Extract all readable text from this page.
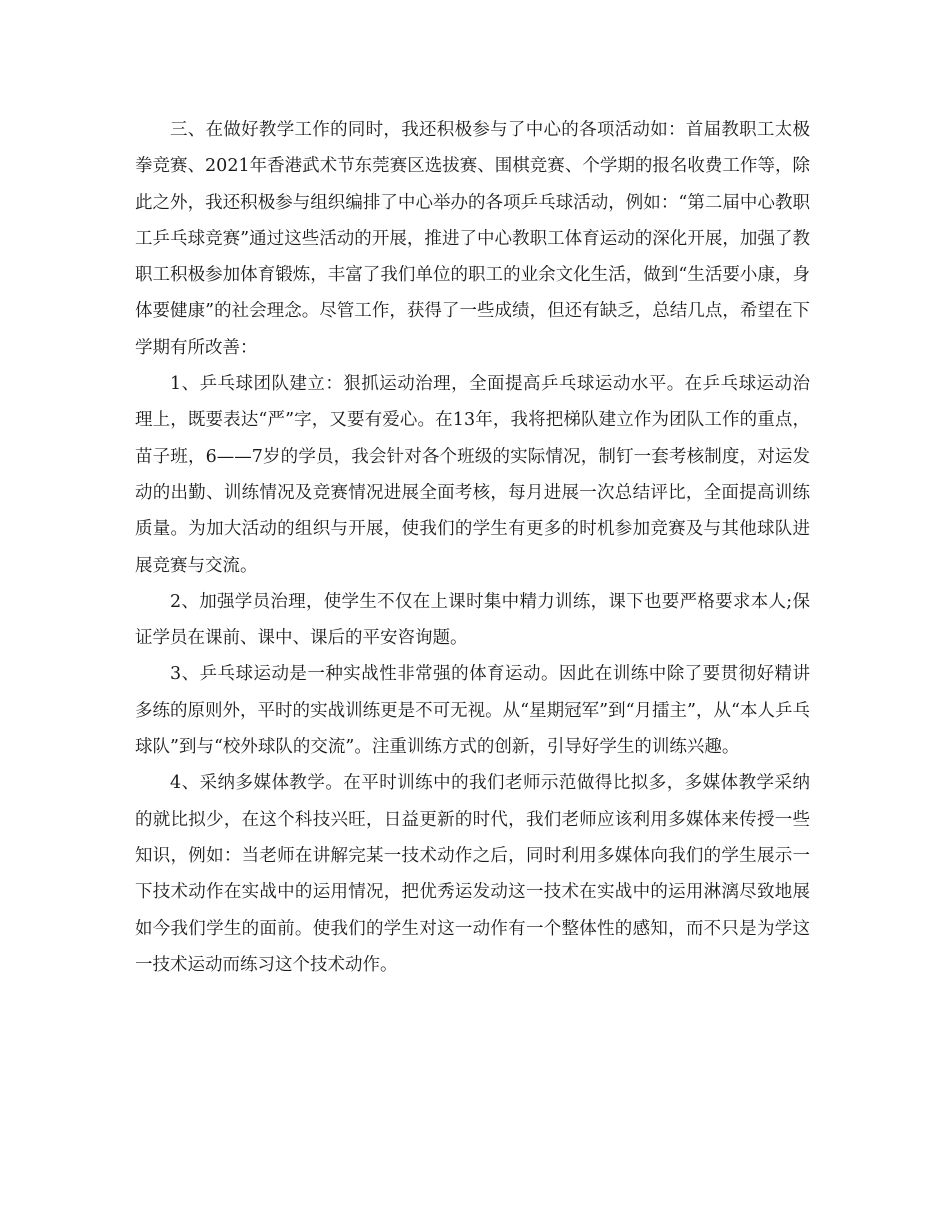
三、在做好教学工作的同时，我还积极参与了中心的各项活动如：首届教职工太极拳竞赛、2021年香港武术节东莞赛区选拔赛、围棋竞赛、个学期的报名收费工作等，除此之外，我还积极参与组织编排了中心举办的各项乒乓球活动，例如：“第二届中心教职工乒乓球竞赛”通过这些活动的开展，推进了中心教职工体育运动的深化开展，加强了教职工积极参加体育锻炼，丰富了我们单位的职工的业余文化生活，做到“生活要小康，身体要健康”的社会理念。尽管工作，获得了一些成绩，但还有缺乏，总结几点，希望在下学期有所改善：

1、乒乓球团队建立：狠抓运动治理，全面提高乒乓球运动水平。在乒乓球运动治理上，既要表达“严”字，又要有爱心。在13年，我将把梯队建立作为团队工作的重点，苗子班，6——7岁的学员，我会针对各个班级的实际情况，制钉一套考核制度，对运发动的出勤、训练情况及竞赛情况进展全面考核，每月进展一次总结评比，全面提高训练质量。为加大活动的组织与开展，使我们的学生有更多的时机参加竞赛及与其他球队进展竞赛与交流。

2、加强学员治理，使学生不仅在上课时集中精力训练，课下也要严格要求本人;保证学员在课前、课中、课后的平安咨询题。

3、乒乓球运动是一种实战性非常强的体育运动。因此在训练中除了要贯彻好精讲多练的原则外，平时的实战训练更是不可无视。从“星期冠军”到“月擂主”，从“本人乒乓球队”到与“校外球队的交流”。注重训练方式的创新，引导好学生的训练兴趣。

4、采纳多媒体教学。在平时训练中的我们老师示范做得比拟多，多媒体教学采纳的就比拟少，在这个科技兴旺，日益更新的时代，我们老师应该利用多媒体来传授一些知识，例如：当老师在讲解完某一技术动作之后，同时利用多媒体向我们的学生展示一下技术动作在实战中的运用情况，把优秀运发动这一技术在实战中的运用淋漓尽致地展如今我们学生的面前。使我们的学生对这一动作有一个整体性的感知，而不只是为学这一技术运动而练习这个技术动作。
